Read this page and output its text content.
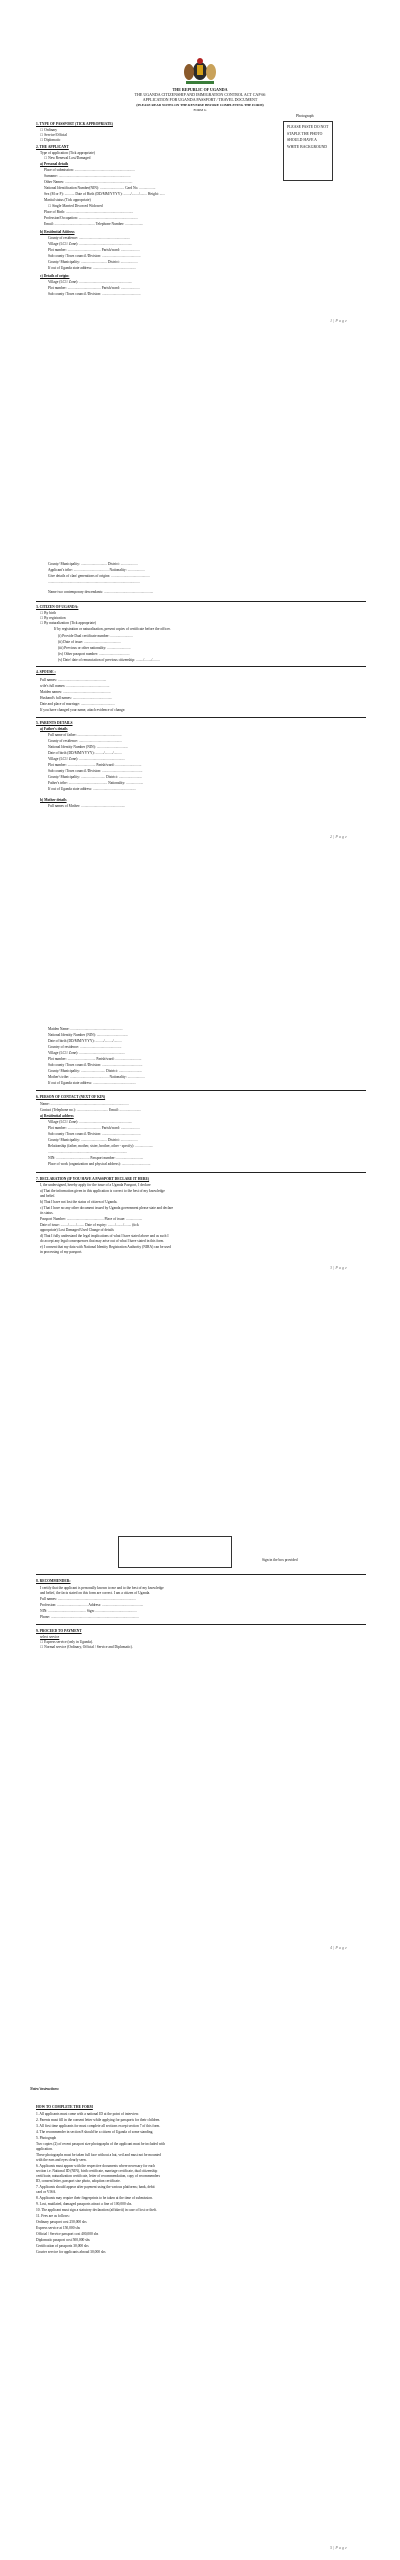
THE REPUBLIC OF UGANDA
THE UGANDA CITIZENSHIP AND IMMIGRATION CONTROL ACT CAP 66
APPLICATION FOR UGANDA PASSPORT / TRAVEL DOCUMENT
(PLEASE READ NOTES ON THE REVERSE BEFORE COMPLETING THE FORM)
FORM G
Photograph
PLEASE PASTE DO NOT STAPLE THE PHOTO SHOULD HAVE A WHITE BACKGROUND
1. TYPE OF PASSPORT (TICK APPROPRIATE)
☐ Ordinary
☐ Service/Official
☐ Diplomatic
2. THE APPLICANT
Type of application (Tick appropriate)
☐ New Renewal Lost/Damaged
a) Personal details
Place of submission: ...................................................................
Surname: ................................................................................
Other Names: ...........................................................................
National Identification Number(NIN): ........................... Card No. ..................
Sex (M or F): ........... Date of Birth (DD/MM/YYYY): ......../......../........ Height: ......
Marital status (Tick appropriate)
☐ Single Married Divorced Widowed
Place of Birth: ...........................................................................
Profession/Occupation: ..................................................................
Email: ............................................. Telephone Number: ....................
b) Residential Address
County of residence: .........................................................
Village (LC1/ Zone): ...........................................................
Plot number: ..................................... Parish/ward: .....................
Sub county /Town council /Division: ...........................................
County/ Municipality: ............................. District: ...................
If out of Uganda state address: ................................................
c) Details of origin:
Village (LC1/ Zone): ...........................................................
Plot number: ..................................... Parish/ward: .....................
Sub county /Town council /Division: ...........................................
1 | P a g e
County/ Municipality: ............................. District: ...................
Applicant's tribe: ....................................... Nationality: ...................
Give details of clan/ generations of origins: ...........................................
......................................................................................................
Name two contemporary descendants: .......................................................
3. CITIZEN OF UGANDA:
☐ By birth
☐ By registration
☐ By naturalization (Tick appropriate)
If by registration or naturalization, present copies of certificate before the officer.
(i) Provide Dual certificate number: .........................
(ii) Date of issue: .........................................
(iii) Previous or other nationality: ..........................
(iv) Other passport number: ..................................
(v) Date/ date of renunciation of previous citizenship: ......../......../........
4. SPOUSE :
Full names: ......................................................
wife's full names: ................................................
Maiden names: .....................................................
Husband's full names: ............................................
Date and place of marriage: ......................................
If you have changed your name, attach evidence of change.
5. PARENTS DETAILS
a) Father's details
Full name of father: .................................................
County of residence: ................................................
National Identity Number (NIN): ...................................
Date of birth (DD/MM/YYYY): ........./........./.........
Village (LC1/ Zone): ...................................................
Plot number: ............................... Parish/ward: .............................
Sub county /Town council /Division: .............................................
County/ Municipality: ........................... District: ..........................
Father's tribe: ........................................... Nationality: ...................
If out of Uganda state address: ................................................
b) Mother details
Full names of Mother: .................................................
2 | P a g e
Maiden Name: ..........................................................
National Identity Number (NIN): ...................................
Date of birth (DD/MM/YYYY): ........./........./.........
Country of residence: ..............................................
Village (LC1/ Zone): ...................................................
Plot number: ............................... Parish/ward: .............................
Sub county /Town council /Division: .............................................
County/ Municipality: ........................... District: ..........................
Mother's tribe: ........................................... Nationality: ...................
If out of Uganda state address: ................................................
6. PERSON OF CONTACT (NEXT OF KIN)
Name: .......................................................................................
Contact (Telephone no.): ................................... Email: ........................
a) Residential address
Village (LC1/ Zone): ...........................................................
Plot number: ..................................... Parish/ward: .....................
Sub county /Town council /Division: ...........................................
County/ Municipality: ............................. District: ...................
Relationship (father, mother, sister, brother, other - specify): ....................
........................................................................................
NIN: ..................................... Passport number: ..............................
Place of work (organization and physical address): ................................
7. DECLARATION (IF YOU HAVE A PASSPORT DECLARE IT HERE)
I, the undersigned, hereby apply for the issue of a Uganda Passport, I declare
a) That the information given in this application is correct to the best of my knowledge
and belief.
b) That I have not lost the status of citizen of Uganda.
c) That I have no any other document issued by Uganda government please state and declare
its status.
Passport Number: ......................................... Place of issue: ..................
Date of issue: ......../......../........ Date of expiry: ......../......../........ (tick
appropriate) Lost Damaged Used Change of details
d) That I fully understand the legal implications of what I have stated above and as such I
do accept any legal consequences that may arise out of what I have stated in this form.
e) I consent that my data with National Identity Registration Authority (NIRA) can be used
in processing of my passport.
3 | P a g e
Sign in the box provided
8. RECOMMENDER:
I certify that the applicant is personally known to me and to the best of my knowledge
and belief, the facts stated on this form are correct. I am a citizen of Uganda.
Full names: .......................................................................................
Profession: .................................. Address: ..............................................
NIN: .......................................... Sign: ..............................................
Phone: ..................................................................................................
9. PROCEED TO PAYMENT
select service
☐ Express service (only in Uganda).
☐ Normal service (Ordinary, Official / Service and Diplomatic).
4 | P a g e
Notes/ instructions:
HOW TO COMPLETE THE FORM
1. All applicants must come with a national ID at the point of interview.
2. Parents must fill in the consent letter while applying for passports for their children.
3. All first time applicants for must complete all sections except section 7 of this form.
4. The recommender in section 8 should be a citizen of Uganda of some standing.
5. Photograph
Two copies (2) of recent passport size photographs of the applicant must be included with
application.
These photographs must be taken full face without a hat, veil and must not be mounted
with the ears and eyes clearly seen.
6. Applicants must appear with the respective documents where necessary for each
section i.e. National ID (NIN), birth certificate, marriage certificate, dual citizenship
certificate, naturalization certificate, letter of recommendation, copy of recommenders
ID, consent letter, passport size photo, adoption certificate.
7. Applicants should appear after payment using the various platforms; bank, debit
card or VISA.
8. Applicants may require their fingerprints to be taken at the time of submission.
9. Lost, mutilated, damaged passports attract a fine of 100,000 shs.
10. The applicant must sign a statutory declaration (affidavit) in case of lost or theft.
11. Fees are as follows:
Ordinary passport cost 250,000 shs
Express service at 150,000 shs
Official / Service passport cost 400,000 shs
Diplomatic passport cost 500,000 shs
Certification of passports 30,000 shs
Courier service for applicants abroad 30,000 shs
5 | P a g e
